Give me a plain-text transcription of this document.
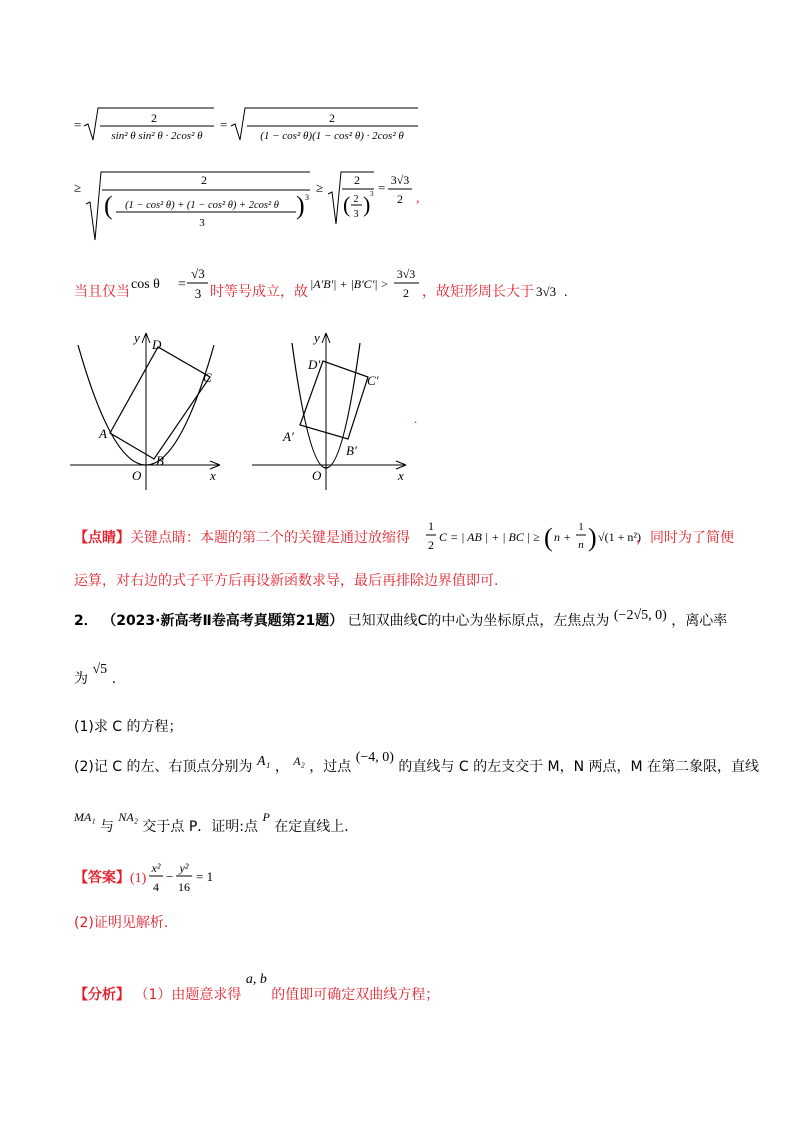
=	2
sin² θ sin² θ · 2cos² θ
=	2
(1 − cos² θ)(1 − cos² θ) · 2cos² θ
≥	2
( (1 − cos² θ) + (1 − cos² θ) + 2cos² θ
3
) 3
≥	2
( 2
3 ) 3 = 3√3
2 ,
当且仅当 cos θ =
√3
3 时等号成立，故
|A'B'| + |B'C'| >
3√3
2 ，故矩形周长大于 3√3 .
y
x
O
A
B
C
D	y
x
O
A′
B′
C′
D′
.
【点睛】 关键点睛：本题的第二个的关键是通过放缩得
1
2
C = | AB | + | BC | ≥ ( n +
1
n ) √(1 + n²)
，同时为了简便
运算，对右边的式子平方后再设新函数求导，最后再排除边界值即可.
2． （2023·新高考Ⅱ卷高考真题第21题） 已知双曲线C的中心为坐标原点，左焦点为 (−2√5, 0) ，离心率
为 √5 .
(1)求 C 的方程；
(2)记 C 的左、右顶点分别为 A₁ ， A₂ ，过点 (−4, 0) 的直线与 C 的左支交于 M，N 两点，M 在第二象限，直线
MA₁ 与 NA₂ 交于点 P．证明:点 P 在定直线上.
【答案】 (1)
x²
4
−
y²
16
= 1
(2)证明见解析.
【分析】 （1）由题意求得 a, b 的值即可确定双曲线方程；
